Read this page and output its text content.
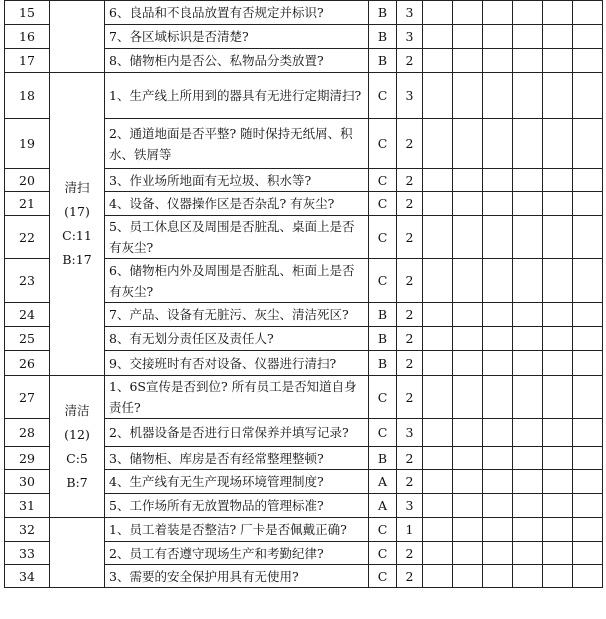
15		6、良品和不良品放置有否规定并标识?	B	3						
16		7、各区域标识是否清楚?	B	3						
17		8、储物柜内是否公、私物品分类放置?	B	2						
18	清扫
(17)
C:11
B:17	1、生产线上所用到的器具有无进行定期清扫?	C	3						
19		2、通道地面是否平整? 随时保持无纸屑、积水、铁屑等	C	2						
20		3、作业场所地面有无垃圾、积水等?	C	2						
21		4、设备、仪器操作区是否杂乱? 有灰尘?	C	2						
22		5、员工休息区及周围是否脏乱、桌面上是否有灰尘?	C	2						
23		6、储物柜内外及周围是否脏乱、柜面上是否有灰尘?	C	2						
24		7、产品、设备有无脏污、灰尘、清洁死区?	B	2						
25		8、有无划分责任区及责任人?	B	2						
26		9、交接班时有否对设备、仪器进行清扫?	B	2						
27	清洁
(12)
C:5
B:7	1、6S宣传是否到位? 所有员工是否知道自身责任?	C	2						
28		2、机器设备是否进行日常保养并填写记录?	C	3						
29		3、储物柜、库房是否有经常整理整顿?	B	2						
30		4、生产线有无生产现场环境管理制度?	A	2						
31		5、工作场所有无放置物品的管理标准?	A	3						
32		1、员工着装是否整洁? 厂卡是否佩戴正确?	C	1						
33		2、员工有否遵守现场生产和考勤纪律?	C	2						
34		3、需要的安全保护用具有无使用?	C	2						
